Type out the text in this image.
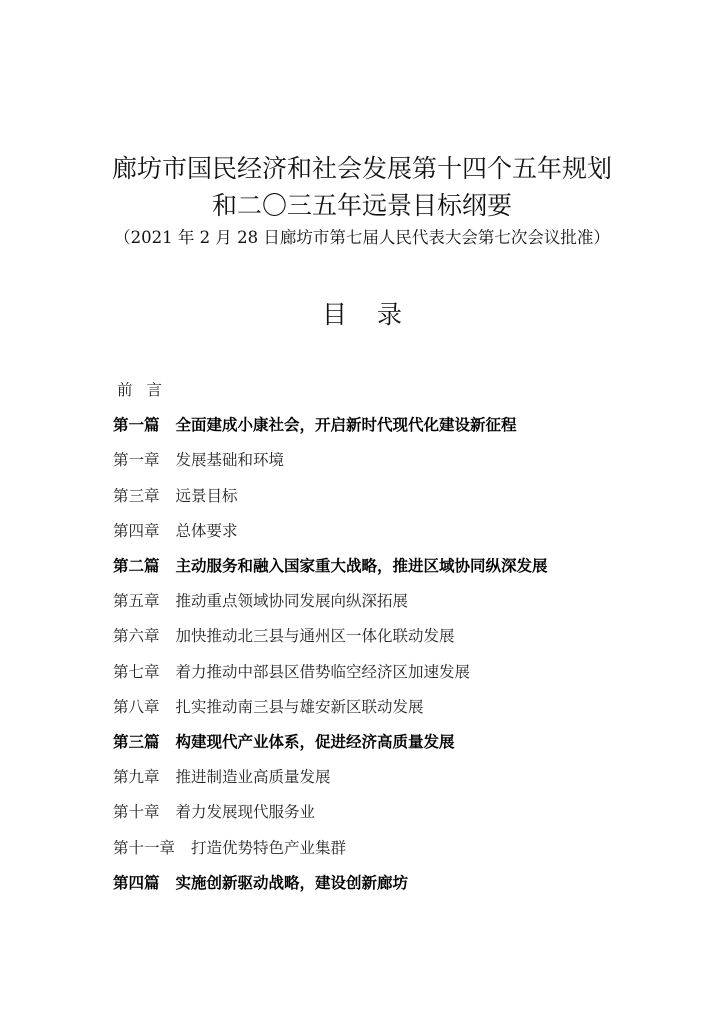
廊坊市国民经济和社会发展第十四个五年规划
和二〇三五年远景目标纲要
（2021 年 2 月 28 日廊坊市第七届人民代表大会第七次会议批准）
目录
前言
第一篇 全面建成小康社会，开启新时代现代化建设新征程
第一章 发展基础和环境
第三章 远景目标
第四章 总体要求
第二篇 主动服务和融入国家重大战略，推进区域协同纵深发展
第五章 推动重点领域协同发展向纵深拓展
第六章 加快推动北三县与通州区一体化联动发展
第七章 着力推动中部县区借势临空经济区加速发展
第八章 扎实推动南三县与雄安新区联动发展
第三篇 构建现代产业体系，促进经济高质量发展
第九章 推进制造业高质量发展
第十章 着力发展现代服务业
第十一章 打造优势特色产业集群
第四篇 实施创新驱动战略，建设创新廊坊
